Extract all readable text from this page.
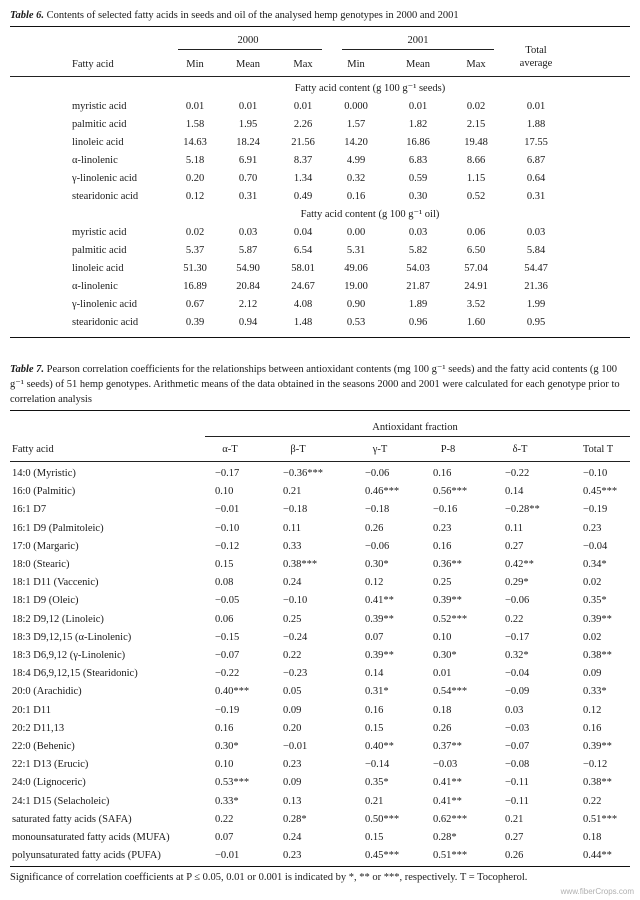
Table 6. Contents of selected fatty acids in seeds and oil of the analysed hemp genotypes in 2000 and 2001
2000	2001
Total
average
Fatty acid	Min	Mean	Max	Min	Mean	Max
Fatty acid content (g 100 g⁻¹ seeds)
myristic acid	0.01	0.01	0.01	0.000	0.01	0.02	0.01
palmitic acid	1.58	1.95	2.26	1.57	1.82	2.15	1.88
linoleic acid	14.63	18.24	21.56	14.20	16.86	19.48	17.55
α-linolenic	5.18	6.91	8.37	4.99	6.83	8.66	6.87
γ-linolenic acid	0.20	0.70	1.34	0.32	0.59	1.15	0.64
stearidonic acid	0.12	0.31	0.49	0.16	0.30	0.52	0.31
Fatty acid content (g 100 g⁻¹ oil)
myristic acid	0.02	0.03	0.04	0.00	0.03	0.06	0.03
palmitic acid	5.37	5.87	6.54	5.31	5.82	6.50	5.84
linoleic acid	51.30	54.90	58.01	49.06	54.03	57.04	54.47
α-linolenic	16.89	20.84	24.67	19.00	21.87	24.91	21.36
γ-linolenic acid	0.67	2.12	4.08	0.90	1.89	3.52	1.99
stearidonic acid	0.39	0.94	1.48	0.53	0.96	1.60	0.95
Table 7. Pearson correlation coefficients for the relationships between antioxidant contents (mg 100 g⁻¹ seeds) and the fatty acid contents (g 100 g⁻¹ seeds) of 51 hemp genotypes. Arithmetic means of the data obtained in the seasons 2000 and 2001 were calculated for each genotype prior to correlation analysis
Antioxidant fraction
Fatty acid	α-T	β-T	γ-T	P-8	δ-T	Total T
14:0 (Myristic)	−0.17	−0.36***	−0.06	0.16	−0.22	−0.10
16:0 (Palmitic)	0.10	0.21	0.46***	0.56***	0.14	0.45***
16:1 D7	−0.01	−0.18	−0.18	−0.16	−0.28**	−0.19
16:1 D9 (Palmitoleic)	−0.10	0.11	0.26	0.23	0.11	0.23
17:0 (Margaric)	−0.12	0.33	−0.06	0.16	0.27	−0.04
18:0 (Stearic)	0.15	0.38***	0.30*	0.36**	0.42**	0.34*
18:1 D11 (Vaccenic)	0.08	0.24	0.12	0.25	0.29*	0.02
18:1 D9 (Oleic)	−0.05	−0.10	0.41**	0.39**	−0.06	0.35*
18:2 D9,12 (Linoleic)	0.06	0.25	0.39**	0.52***	0.22	0.39**
18:3 D9,12,15 (α-Linolenic)	−0.15	−0.24	0.07	0.10	−0.17	0.02
18:3 D6,9,12 (γ-Linolenic)	−0.07	0.22	0.39**	0.30*	0.32*	0.38**
18:4 D6,9,12,15 (Stearidonic)	−0.22	−0.23	0.14	0.01	−0.04	0.09
20:0 (Arachidic)	0.40***	0.05	0.31*	0.54***	−0.09	0.33*
20:1 D11	−0.19	0.09	0.16	0.18	0.03	0.12
20:2 D11,13	0.16	0.20	0.15	0.26	−0.03	0.16
22:0 (Behenic)	0.30*	−0.01	0.40**	0.37**	−0.07	0.39**
22:1 D13 (Erucic)	0.10	0.23	−0.14	−0.03	−0.08	−0.12
24:0 (Lignoceric)	0.53***	0.09	0.35*	0.41**	−0.11	0.38**
24:1 D15 (Selacholeic)	0.33*	0.13	0.21	0.41**	−0.11	0.22
saturated fatty acids (SAFA)	0.22	0.28*	0.50***	0.62***	0.21	0.51***
monounsaturated fatty acids (MUFA)	0.07	0.24	0.15	0.28*	0.27	0.18
polyunsaturated fatty acids (PUFA)	−0.01	0.23	0.45***	0.51***	0.26	0.44**
Significance of correlation coefficients at P ≤ 0.05, 0.01 or 0.001 is indicated by *, ** or ***, respectively. T = Tocopherol.
www.fiberCrops.com
